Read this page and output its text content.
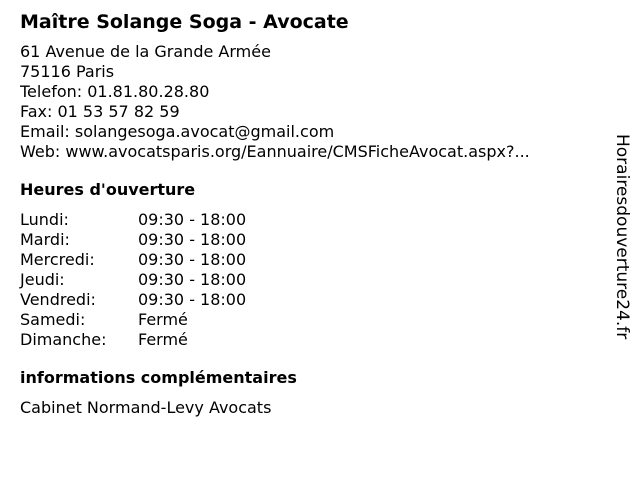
Maître Solange Soga - Avocate
61 Avenue de la Grande Armée
75116 Paris
Telefon: 01.81.80.28.80
Fax: 01 53 57 82 59
Email: solangesoga.avocat@gmail.com
Web: www.avocatsparis.org/Eannuaire/CMSFicheAvocat.aspx?...
Heures d'ouverture
Lundi:	09:30 - 18:00
Mardi:	09:30 - 18:00
Mercredi:	09:30 - 18:00
Jeudi:	09:30 - 18:00
Vendredi:	09:30 - 18:00
Samedi:	Fermé
Dimanche:	Fermé
informations complémentaires
Cabinet Normand-Levy Avocats
Horairesdouverture24.fr
